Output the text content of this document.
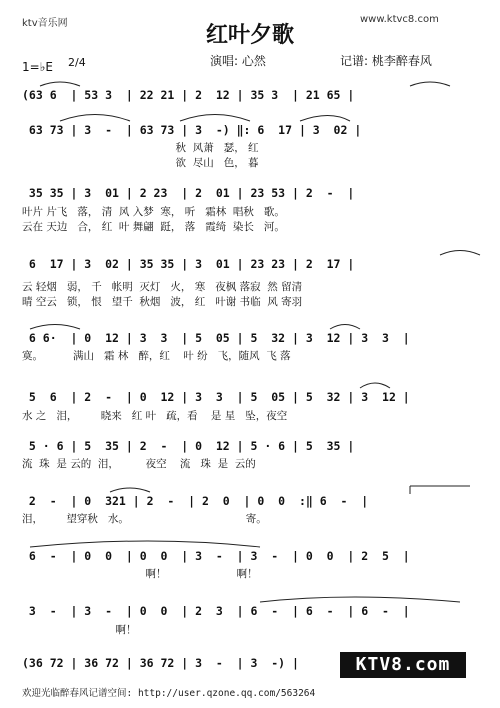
ktv音乐网	www.ktvc8.com
红叶夕歌
1=♭E 2/4	演唱: 心然	记谱: 桃李醉春风
(63 6  | 53 3  | 22 21 | 2  12 | 35 3  | 21 65 |
63 73 | 3  -  | 63 73 | 3  -) ‖: 6  17 | 3  02 |
秋  风萧   瑟， 红
欲  尽山   色， 暮
35 35 | 3  01 | 2 23  | 2  01 | 23 53 | 2  -  |
叶片 片飞   落， 清  风 入梦  寒， 听   霜林  唱秋   歌。
云在 天边   合， 红  叶 舞翩  跹， 落   霞绮  染长   河。
6  17 | 3  02 | 35 35 | 3  01 | 23 23 | 2  17 |
云 轻烟   弱， 千   帐明  灭灯   火， 寒   夜枫 落寂  然 留清
晴 空云   锁， 恨   望千  秋烟   波， 红   叶谢 书临  风 寄羽
6 6·  | 0  12 | 3  3  | 5  05 | 5  32 | 3  12 | 3  3  |
寞。         满山   霜 林   醉，红    叶 纷   飞，随风  飞 落
5  6  | 2  -  | 0  12 | 3  3  | 5  05 | 5  32 | 3  12 |
水 之   泪，       晓来   红 叶   疏，看    是 星   坠，夜空
5 · 6 | 5  35 | 2  -  | 0  12 | 5 · 6 | 5  35 |
流  珠  是 云的  泪，        夜空    流   珠  是  云的
2  -  | 0  321 | 2  -  | 2  0  | 0  0  :‖ 6  -  |
泪，       望穿秋   水。                                   寄。
6  -  | 0  0  | 0  0  | 3  -  | 3  -  | 0  0  | 2  5  |
啊！                     啊！
3  -  | 3  -  | 0  0  | 2  3  | 6  -  | 6  -  | 6  -  |
啊！
(36 72 | 36 72 | 36 72 | 3  -  | 3  -) |	KTV8.com
欢迎光临醉春风记谱空间: http://user.qzone.qq.com/563264
